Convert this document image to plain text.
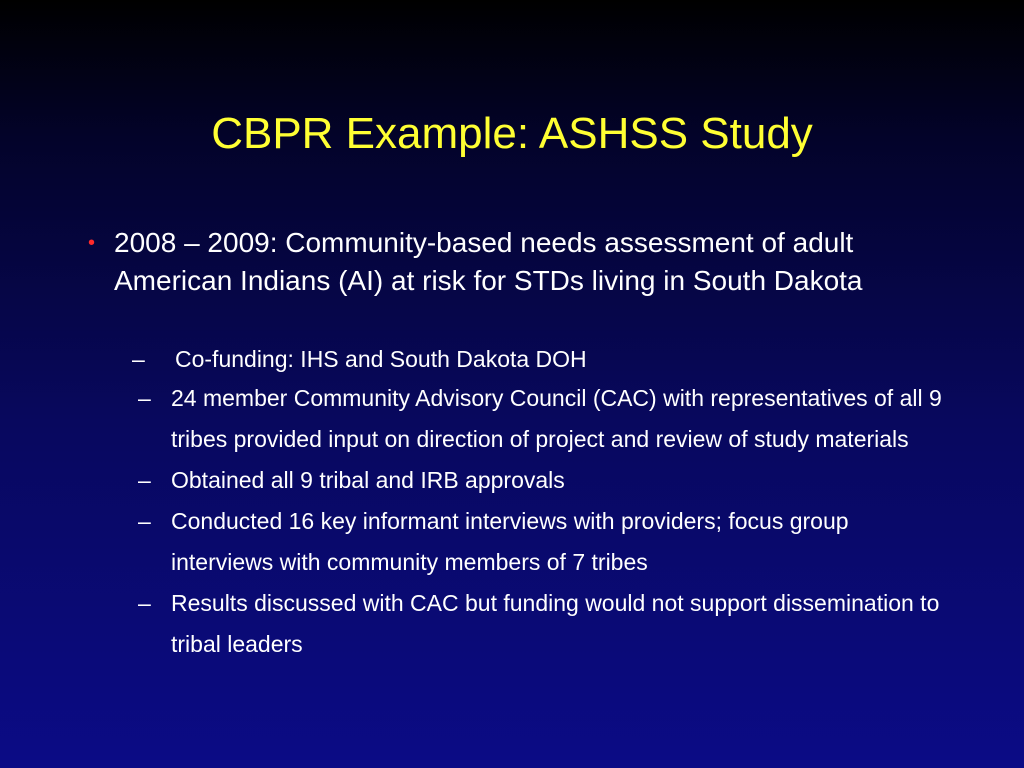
CBPR Example: ASHSS Study
• 2008 – 2009: Community-based needs assessment of adult American Indians (AI) at risk for STDs living in South Dakota
– Co-funding: IHS and South Dakota DOH
– 24 member Community Advisory Council (CAC) with representatives of all 9 tribes provided input on direction of project and review of study materials
– Obtained all 9 tribal and IRB approvals
– Conducted 16 key informant interviews with providers; focus group interviews with community members of 7 tribes
– Results discussed with CAC but funding would not support dissemination to tribal leaders
